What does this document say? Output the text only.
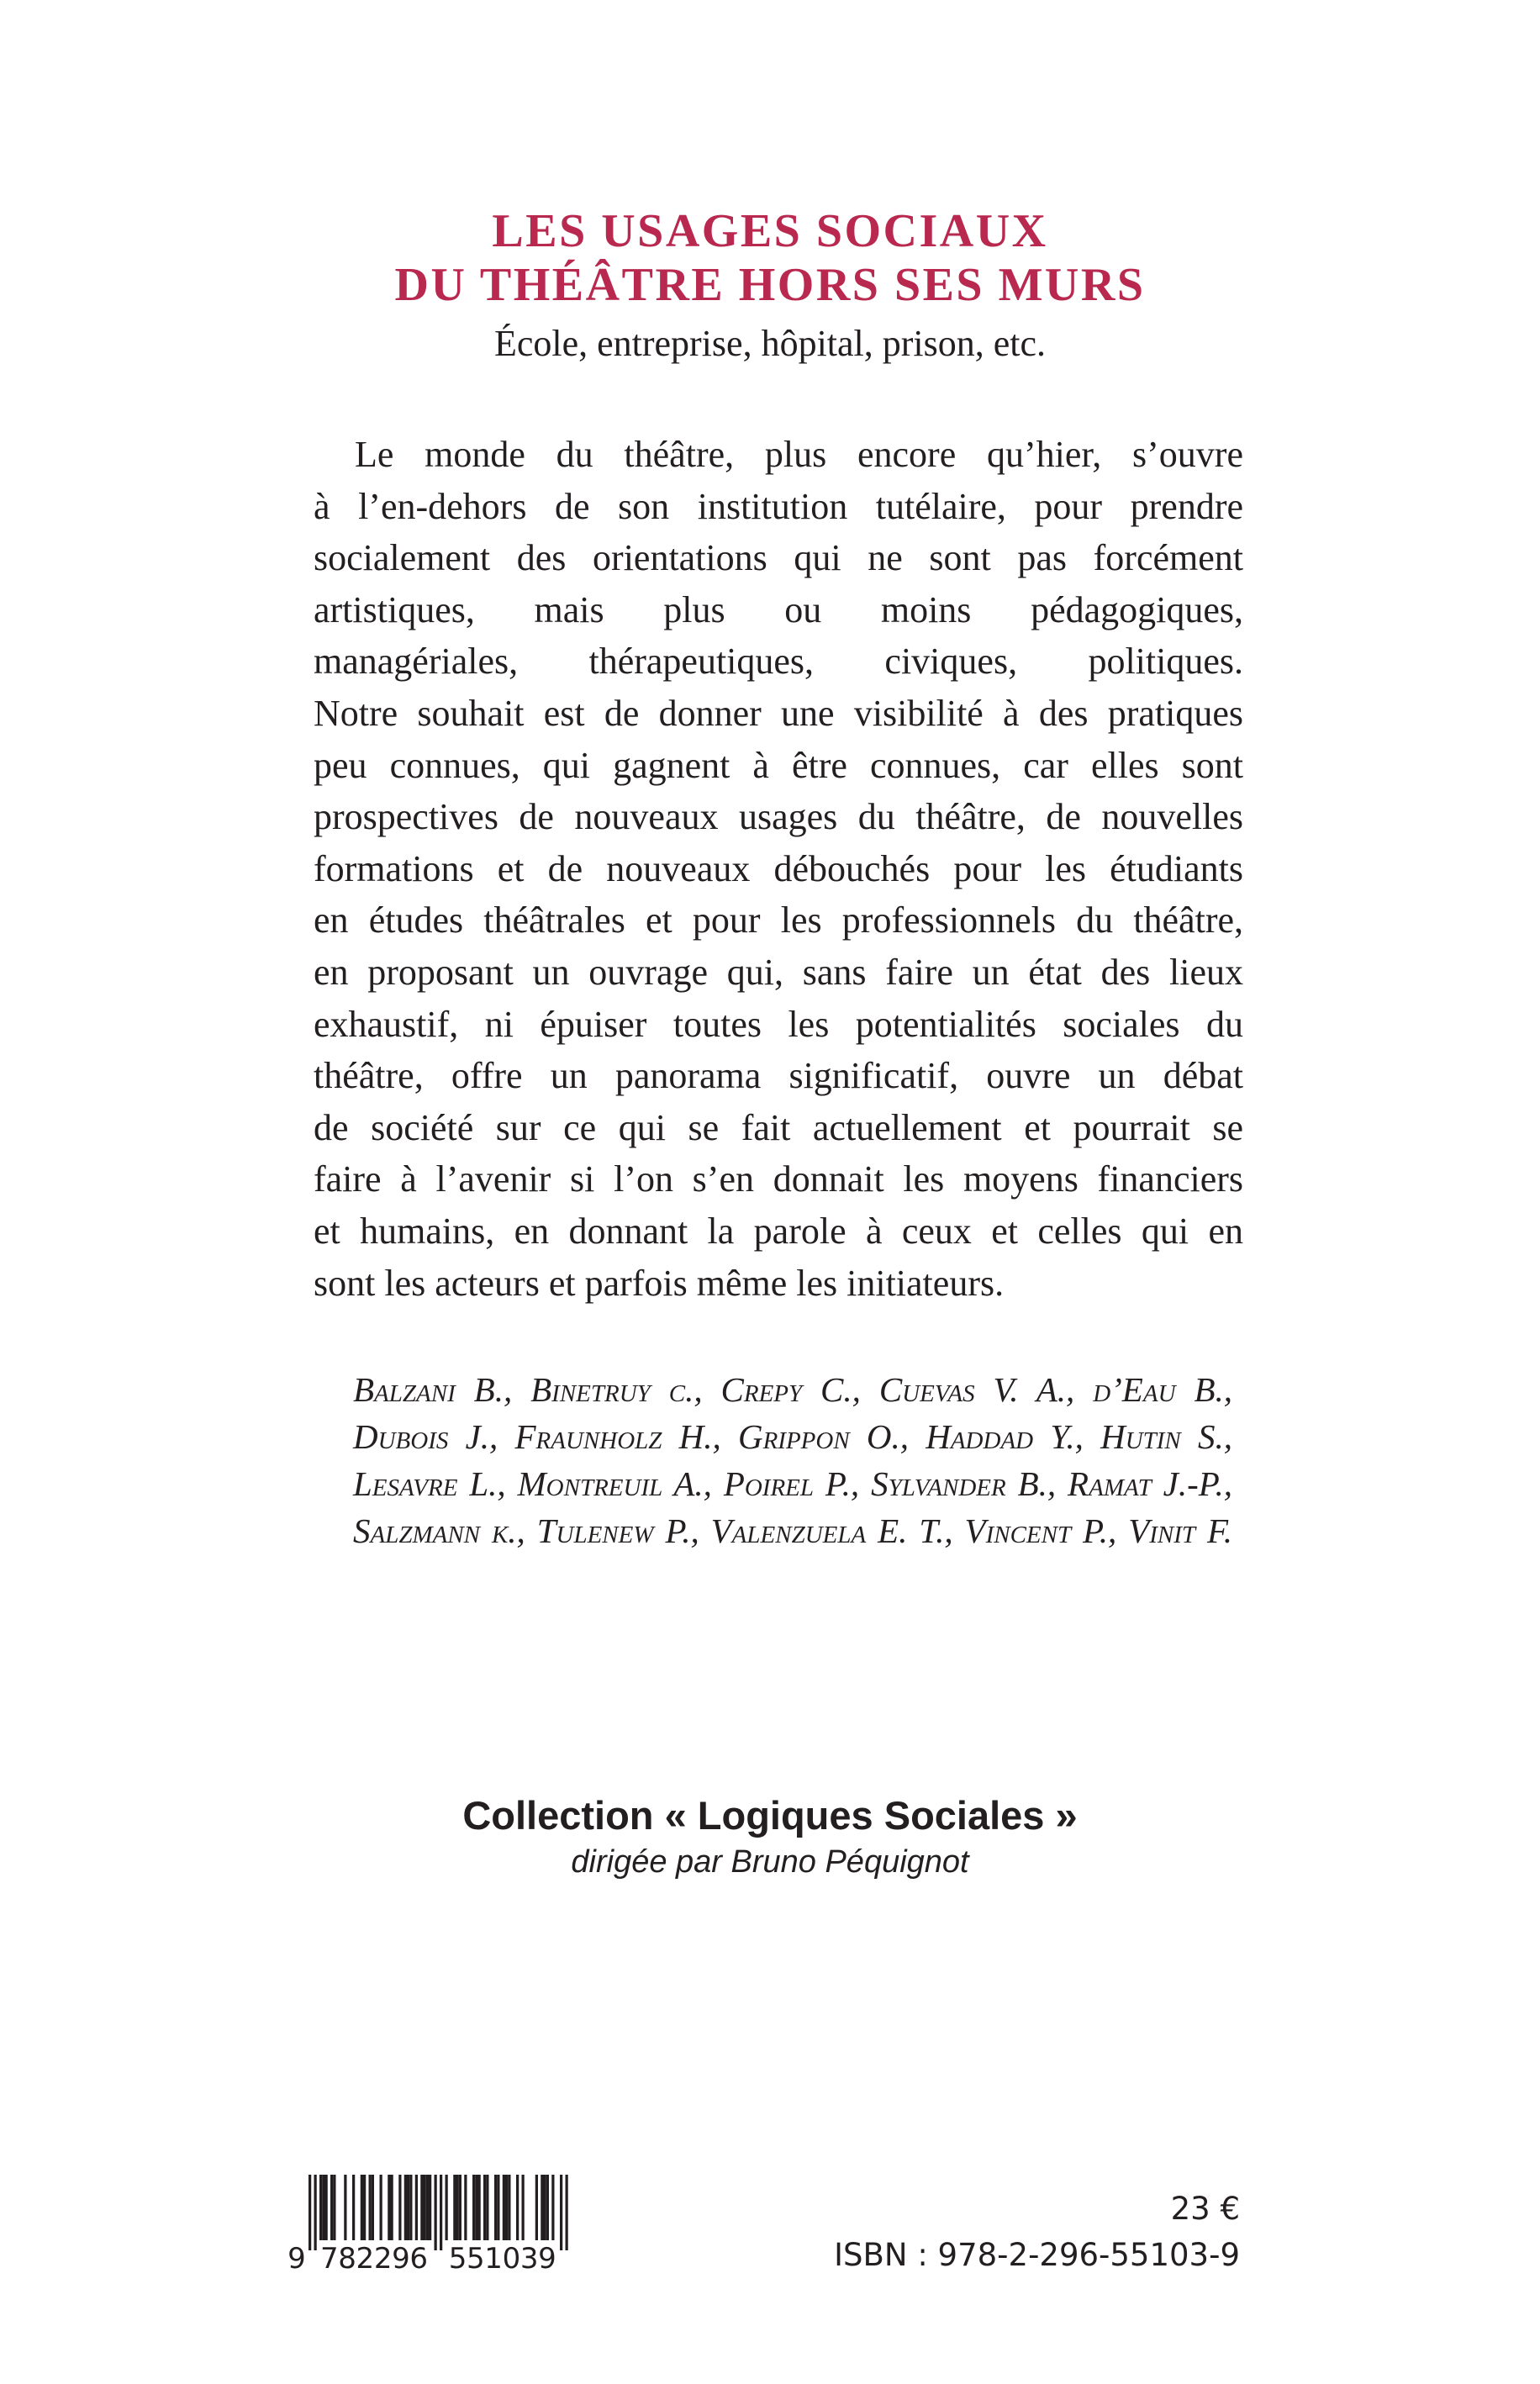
LES USAGES SOCIAUX
DU THÉÂTRE HORS SES MURS
École, entreprise, hôpital, prison, etc.
Le monde du théâtre, plus encore qu’hier, s’ouvre
à l’en-dehors de son institution tutélaire, pour prendre
socialement des orientations qui ne sont pas forcément
artistiques, mais plus ou moins pédagogiques,
managériales, thérapeutiques, civiques, politiques.
Notre souhait est de donner une visibilité à des pratiques
peu connues, qui gagnent à être connues, car elles sont
prospectives de nouveaux usages du théâtre, de nouvelles
formations et de nouveaux débouchés pour les étudiants
en études théâtrales et pour les professionnels du théâtre,
en proposant un ouvrage qui, sans faire un état des lieux
exhaustif, ni épuiser toutes les potentialités sociales du
théâtre, offre un panorama significatif, ouvre un débat
de société sur ce qui se fait actuellement et pourrait se
faire à l’avenir si l’on s’en donnait les moyens financiers
et humains, en donnant la parole à ceux et celles qui en
sont les acteurs et parfois même les initiateurs.
Balzani B., Binetruy c., Crepy C., Cuevas V. A., d’Eau B.,
Dubois J., Fraunholz H., Grippon O., Haddad Y., Hutin S.,
Lesavre L., Montreuil A., Poirel P., Sylvander B., Ramat J.-P.,
Salzmann k., Tulenew P., Valenzuela E. T., Vincent P., Vinit F.
Collection « Logiques Sociales »
dirigée par Bruno Péquignot
9 782296 551039
23 €
ISBN : 978-2-296-55103-9
